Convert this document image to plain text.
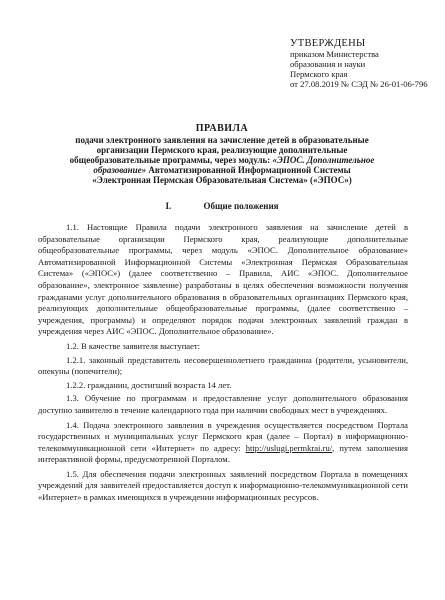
УТВЕРЖДЕНЫ
приказом Министерства
образования и науки
Пермского края
от 27.08.2019 № СЭД № 26-01-06-796
ПРАВИЛА
подачи электронного заявления на зачисление детей в образовательные
организации Пермского края, реализующие дополнительные
общеобразовательные программы, через модуль: «ЭПОС. Дополнительное
образование» Автоматизированной Информационной Системы
«Электронная Пермская Образовательная Система» («ЭПОС»)
I.	Общие положения

1.1. Настоящие Правила подачи электронного заявления на зачисление детей в образовательные организации Пермского края, реализующие дополнительные общеобразовательные программы, через модуль «ЭПОС. Дополнительное образование» Автоматизированной Информационной Системы «Электронная Пермская Образовательная Система» («ЭПОС») (далее соответственно – Правила, АИС «ЭПОС. Дополнительное образование», электронное заявление) разработаны в целях обеспечения возможности получения гражданами услуг дополнительного образования в образовательных организациях Пермского края, реализующих дополнительные общеобразовательные программы, (далее соответственно – учреждения, программы) и определяют порядок подачи электронных заявлений граждан в учреждения через АИС «ЭПОС. Дополнительное образование».

1.2. В качестве заявителя выступает:

1.2.1. законный представитель несовершеннолетнего гражданина (родители, усыновители, опекуны (попечители);

1.2.2. гражданин, достигший возраста 14 лет.

1.3. Обучение по программам и предоставление услуг дополнительного образования доступно заявителю в течение календарного года при наличии свободных мест в учреждениях.

1.4. Подача электронного заявления в учреждения осуществляется посредством Портала государственных и муниципальных услуг Пермского края (далее – Портал) в информационно-телекоммуникационной сети «Интернет» по адресу: http://uslugi.permkrai.ru/, путем заполнения интерактивной формы, предусмотренной Порталом.

1.5. Для обеспечения подачи электронных заявлений посредством Портала в помещениях учреждений для заявителей предоставляется доступ к информационно-телекоммуникационной сети «Интернет» в рамках имеющихся в учреждении информационных ресурсов.
